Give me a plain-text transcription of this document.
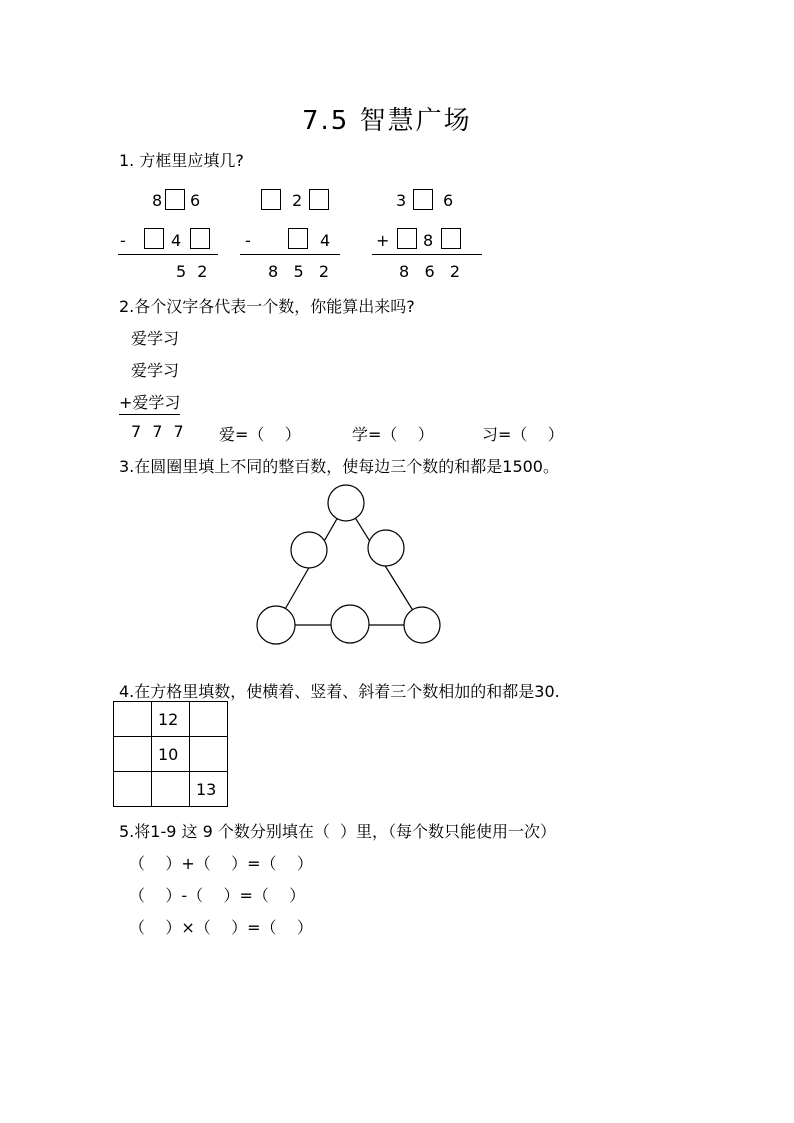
7.5 智慧广场
1. 方框里应填几?
8 6
-	4
5 2
2
-	4
8   5   2
3 6
+ 8
8   6   2
2.各个汉字各代表一个数，你能算出来吗?
爱学习
爱学习
+爱学习
7 7 7 爱=（    ）	学=（    ）	习=（    ）
3.在圆圈里填上不同的整百数，使每边三个数的和都是1500。
4.在方格里填数，使横着、竖着、斜着三个数相加的和都是30.
	12	
	10	
		13
5.将1-9 这 9 个数分别填在（  ）里，（每个数只能使用一次）
（    ）+（    ）=（    ）
（    ）-（    ）=（    ）
（    ）×（    ）=（    ）
